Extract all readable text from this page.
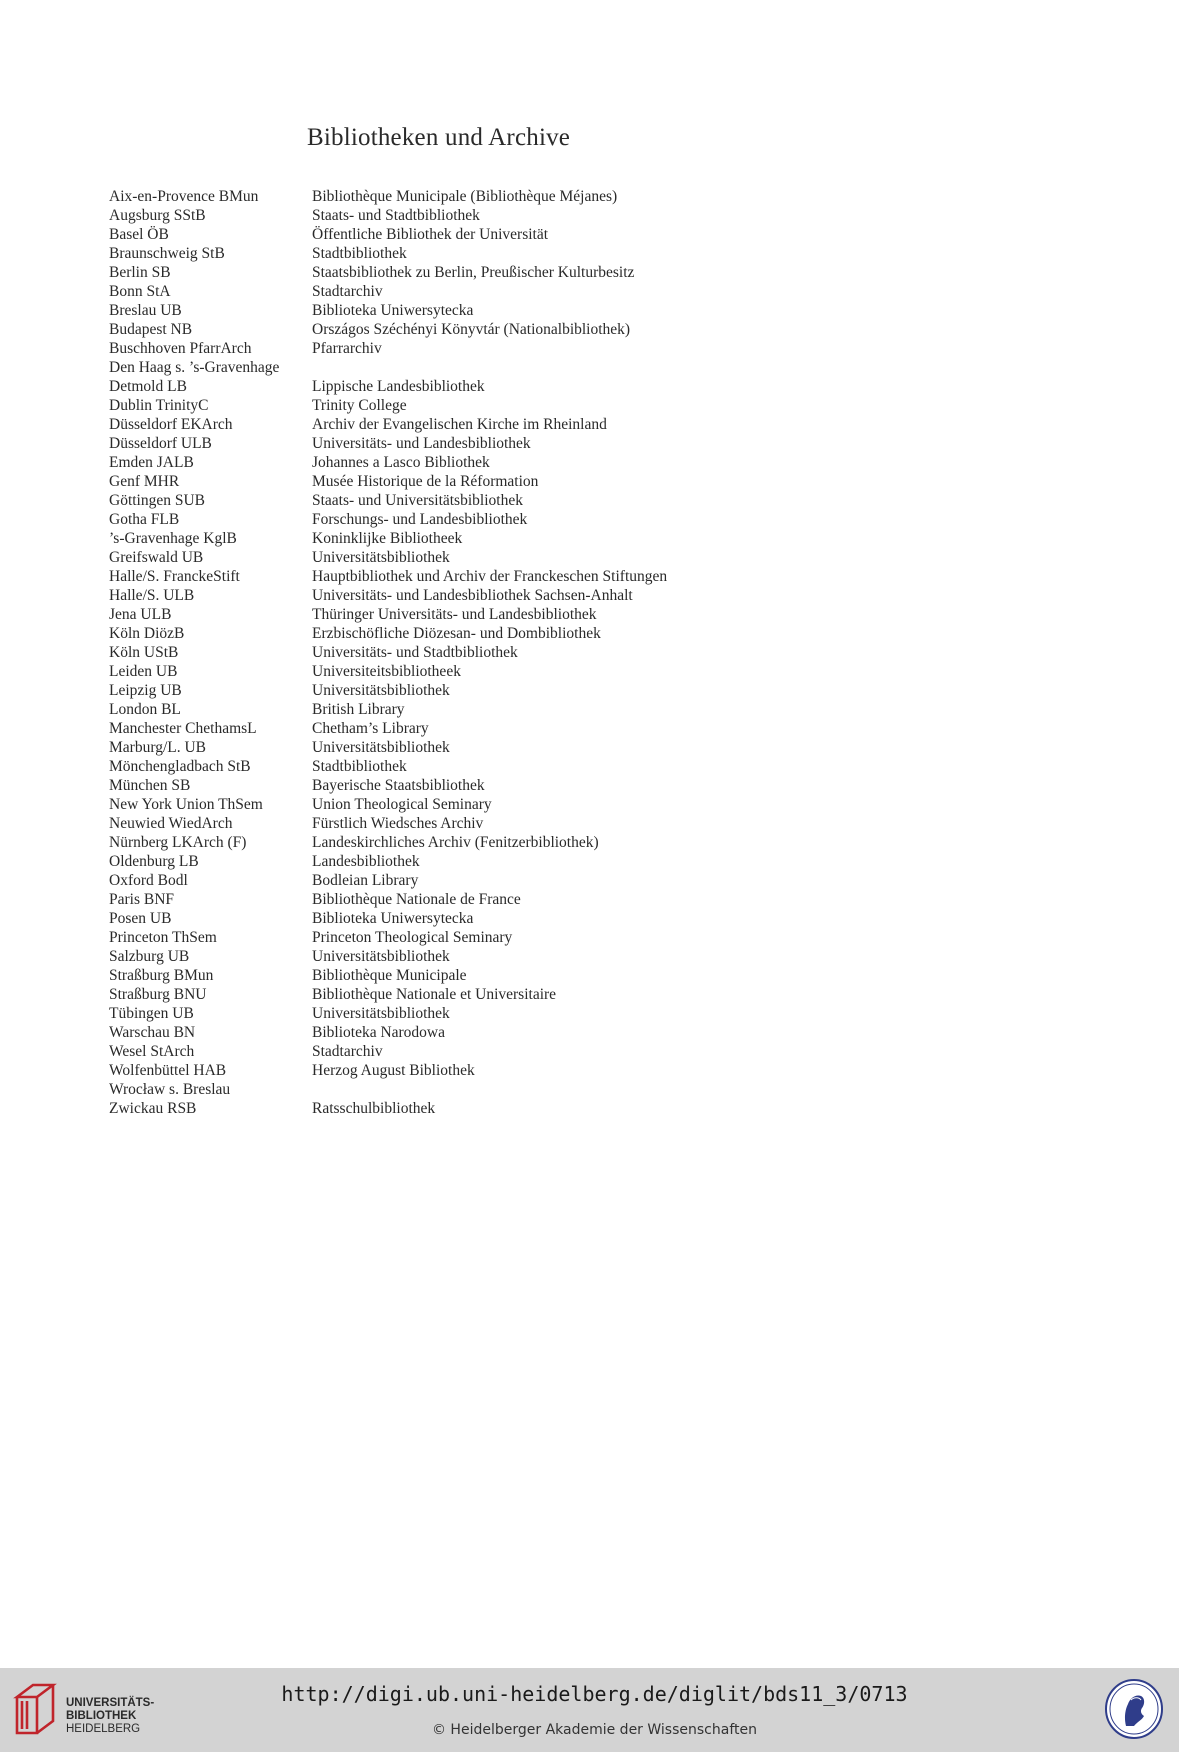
Bibliotheken und Archive
Aix-en-Provence BMun	Bibliothèque Municipale (Bibliothèque Méjanes)
Augsburg SStB	Staats- und Stadtbibliothek
Basel ÖB	Öffentliche Bibliothek der Universität
Braunschweig StB	Stadtbibliothek
Berlin SB	Staatsbibliothek zu Berlin, Preußischer Kulturbesitz
Bonn StA	Stadtarchiv
Breslau UB	Biblioteka Uniwersytecka
Budapest NB	Országos Széchényi Könyvtár (Nationalbibliothek)
Buschhoven PfarrArch	Pfarrarchiv
Den Haag s. ’s-Gravenhage
Detmold LB	Lippische Landesbibliothek
Dublin TrinityC	Trinity College
Düsseldorf EKArch	Archiv der Evangelischen Kirche im Rheinland
Düsseldorf ULB	Universitäts- und Landesbibliothek
Emden JALB	Johannes a Lasco Bibliothek
Genf MHR	Musée Historique de la Réformation
Göttingen SUB	Staats- und Universitätsbibliothek
Gotha FLB	Forschungs- und Landesbibliothek
’s-Gravenhage KglB	Koninklijke Bibliotheek
Greifswald UB	Universitätsbibliothek
Halle/S. FranckeStift	Hauptbibliothek und Archiv der Franckeschen Stiftungen
Halle/S. ULB	Universitäts- und Landesbibliothek Sachsen-Anhalt
Jena ULB	Thüringer Universitäts- und Landesbibliothek
Köln DiözB	Erzbischöfliche Diözesan- und Dombibliothek
Köln UStB	Universitäts- und Stadtbibliothek
Leiden UB	Universiteitsbibliotheek
Leipzig UB	Universitätsbibliothek
London BL	British Library
Manchester ChethamsL	Chetham’s Library
Marburg/L. UB	Universitätsbibliothek
Mönchengladbach StB	Stadtbibliothek
München SB	Bayerische Staatsbibliothek
New York Union ThSem	Union Theological Seminary
Neuwied WiedArch	Fürstlich Wiedsches Archiv
Nürnberg LKArch (F)	Landeskirchliches Archiv (Fenitzerbibliothek)
Oldenburg LB	Landesbibliothek
Oxford Bodl	Bodleian Library
Paris BNF	Bibliothèque Nationale de France
Posen UB	Biblioteka Uniwersytecka
Princeton ThSem	Princeton Theological Seminary
Salzburg UB	Universitätsbibliothek
Straßburg BMun	Bibliothèque Municipale
Straßburg BNU	Bibliothèque Nationale et Universitaire
Tübingen UB	Universitätsbibliothek
Warschau BN	Biblioteka Narodowa
Wesel StArch	Stadtarchiv
Wolfenbüttel HAB	Herzog August Bibliothek
Wrocław s. Breslau
Zwickau RSB	Ratsschulbibliothek
UNIVERSITÄTS-
BIBLIOTHEK
HEIDELBERG
http://digi.ub.uni-heidelberg.de/diglit/bds11_3/0713
© Heidelberger Akademie der Wissenschaften
